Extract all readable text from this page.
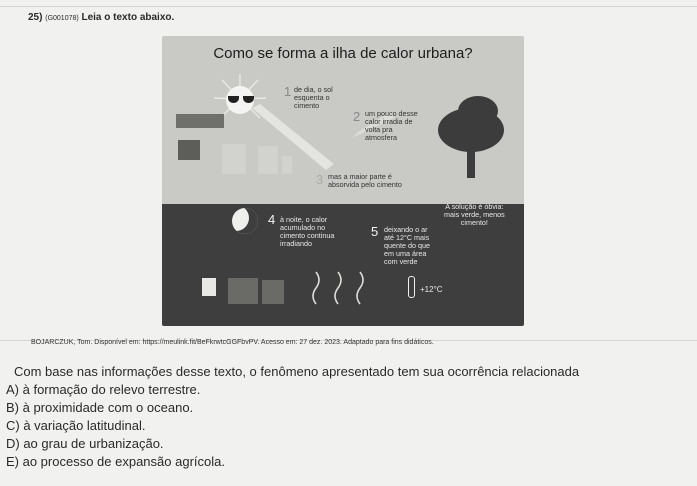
25) (G001078) Leia o texto abaixo.
Como se forma a ilha de calor urbana?
1 de dia, o sol
esquenta o
cimento
2 um pouco desse
calor irradia de
volta pra
atmosfera
3 mas a maior parte é
absorvida pelo cimento
4 à noite, o calor
acumulado no
cimento continua
irradiando
5 deixando o ar
até 12°C mais
quente do que
em uma área
com verde
A solução é óbvia:
mais verde, menos
cimento!
+12°C
BOJARCZUK, Tom. Disponível em: https://meulink.fit/BeFkrwtcGGFbvPV. Acesso em: 27 dez. 2023. Adaptado para fins didáticos.
Com base nas informações desse texto, o fenômeno apresentado tem sua ocorrência relacionada
A) à formação do relevo terrestre.
B) à proximidade com o oceano.
C) à variação latitudinal.
D) ao grau de urbanização.
E) ao processo de expansão agrícola.
